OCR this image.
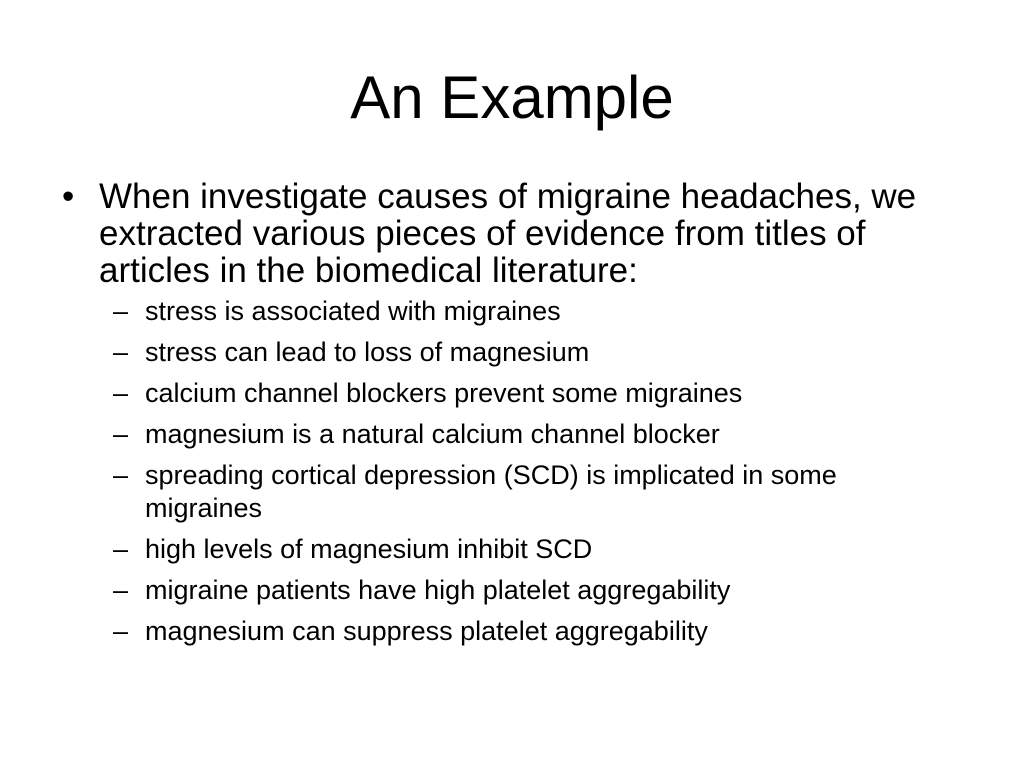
An Example

• When investigate causes of migraine headaches, we extracted various pieces of evidence from titles of articles in the biomedical literature:

– stress is associated with migraines
– stress can lead to loss of magnesium
– calcium channel blockers prevent some migraines
– magnesium is a natural calcium channel blocker
– spreading cortical depression (SCD) is implicated in some migraines
– high levels of magnesium inhibit SCD
– migraine patients have high platelet aggregability
– magnesium can suppress platelet aggregability
